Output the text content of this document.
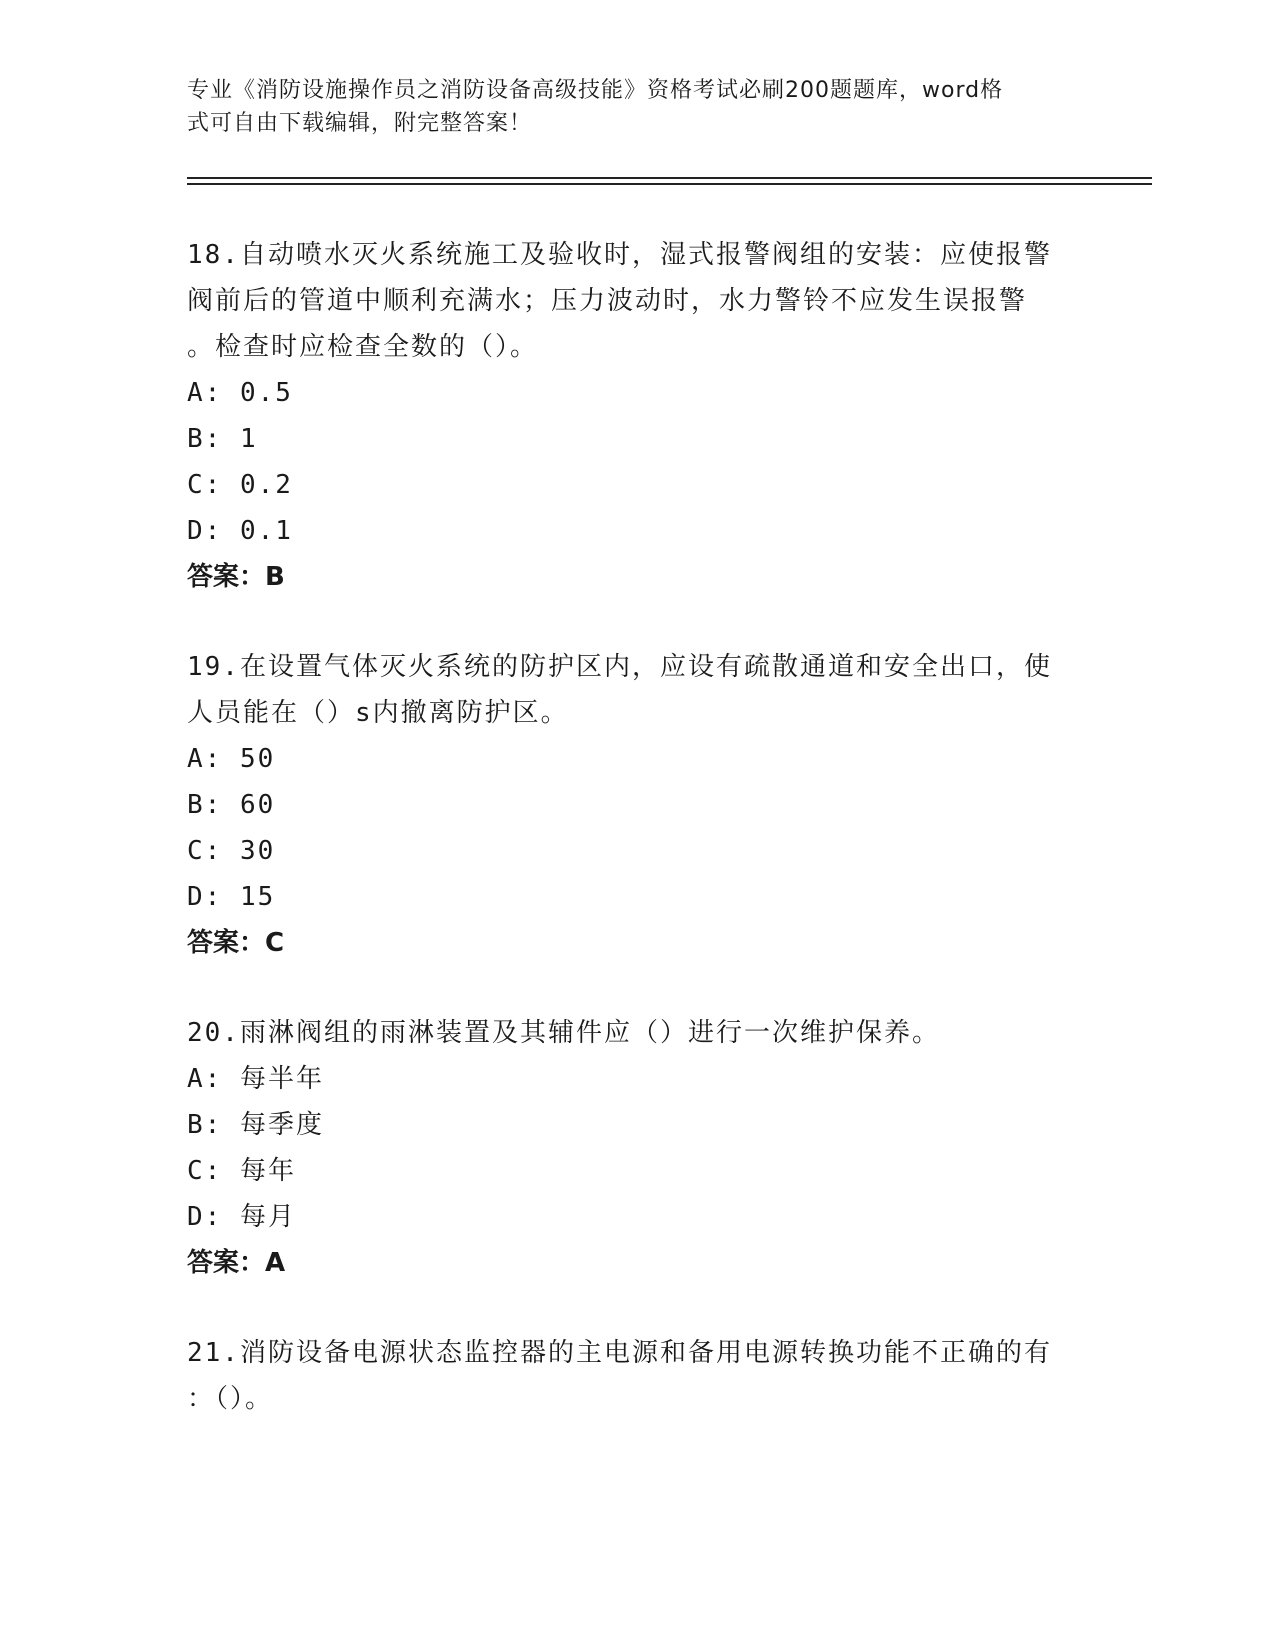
专业《消防设施操作员之消防设备高级技能》资格考试必刷200题题库，word格
式可自由下载编辑，附完整答案！

18.自动喷水灭火系统施工及验收时，湿式报警阀组的安装：应使报警

阀前后的管道中顺利充满水；压力波动时，水力警铃不应发生误报警

。检查时应检查全数的（）。

A: 0.5

B: 1

C: 0.2

D: 0.1

答案：B

19.在设置气体灭火系统的防护区内，应设有疏散通道和安全出口，使

人员能在（）s内撤离防护区。

A: 50

B: 60

C: 30

D: 15

答案：C

20.雨淋阀组的雨淋装置及其辅件应（）进行一次维护保养。

A: 每半年

B: 每季度

C: 每年

D: 每月

答案：A

21.消防设备电源状态监控器的主电源和备用电源转换功能不正确的有

：（）。
